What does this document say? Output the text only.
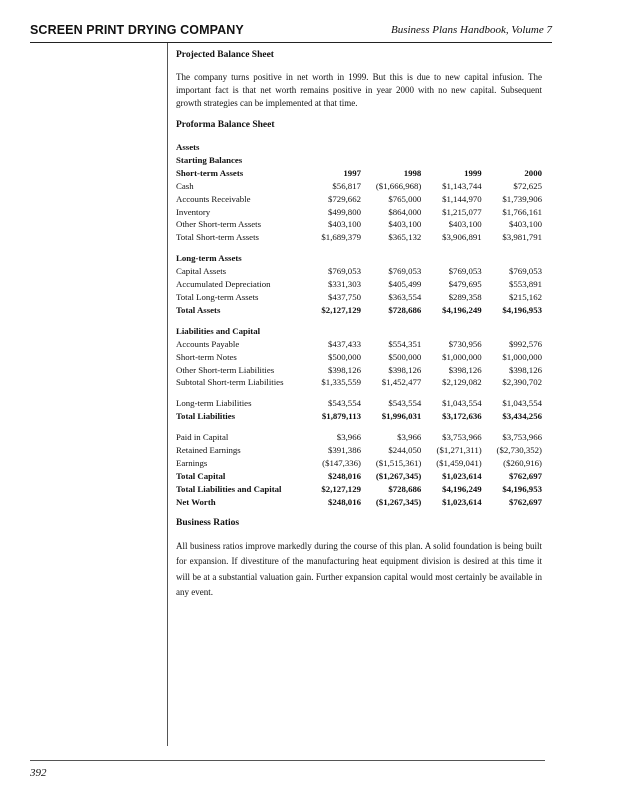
SCREEN PRINT DRYING COMPANY	Business Plans Handbook, Volume 7

Projected Balance Sheet

The company turns positive in net worth in 1999. But this is due to new capital infusion. The important fact is that net worth remains positive in year 2000 with no new capital. Subsequent growth strategies can be implemented at that time.

Proforma Balance Sheet

Assets				
Starting Balances				
Short-term Assets	1997	1998	1999	2000
Cash	$56,817	($1,666,968)	$1,143,744	$72,625
Accounts Receivable	$729,662	$765,000	$1,144,970	$1,739,906
Inventory	$499,800	$864,000	$1,215,077	$1,766,161
Other Short-term Assets	$403,100	$403,100	$403,100	$403,100
Total Short-term Assets	$1,689,379	$365,132	$3,906,891	$3,981,791

Long-term Assets				
Capital Assets	$769,053	$769,053	$769,053	$769,053
Accumulated Depreciation	$331,303	$405,499	$479,695	$553,891
Total Long-term Assets	$437,750	$363,554	$289,358	$215,162
Total Assets	$2,127,129	$728,686	$4,196,249	$4,196,953

Liabilities and Capital				
Accounts Payable	$437,433	$554,351	$730,956	$992,576
Short-term Notes	$500,000	$500,000	$1,000,000	$1,000,000
Other Short-term Liabilities	$398,126	$398,126	$398,126	$398,126
Subtotal Short-term Liabilities	$1,335,559	$1,452,477	$2,129,082	$2,390,702

Long-term Liabilities	$543,554	$543,554	$1,043,554	$1,043,554
Total Liabilities	$1,879,113	$1,996,031	$3,172,636	$3,434,256

Paid in Capital	$3,966	$3,966	$3,753,966	$3,753,966
Retained Earnings	$391,386	$244,050	($1,271,311)	($2,730,352)
Earnings	($147,336)	($1,515,361)	($1,459,041)	($260,916)
Total Capital	$248,016	($1,267,345)	$1,023,614	$762,697
Total Liabilities and Capital	$2,127,129	$728,686	$4,196,249	$4,196,953
Net Worth	$248,016	($1,267,345)	$1,023,614	$762,697

Business Ratios

All business ratios improve markedly during the course of this plan. A solid foundation is being built for expansion. If divestiture of the manufacturing heat equipment division is desired at this time it will be at a substantial valuation gain. Further expansion capital would most certainly be available in any event.

392
